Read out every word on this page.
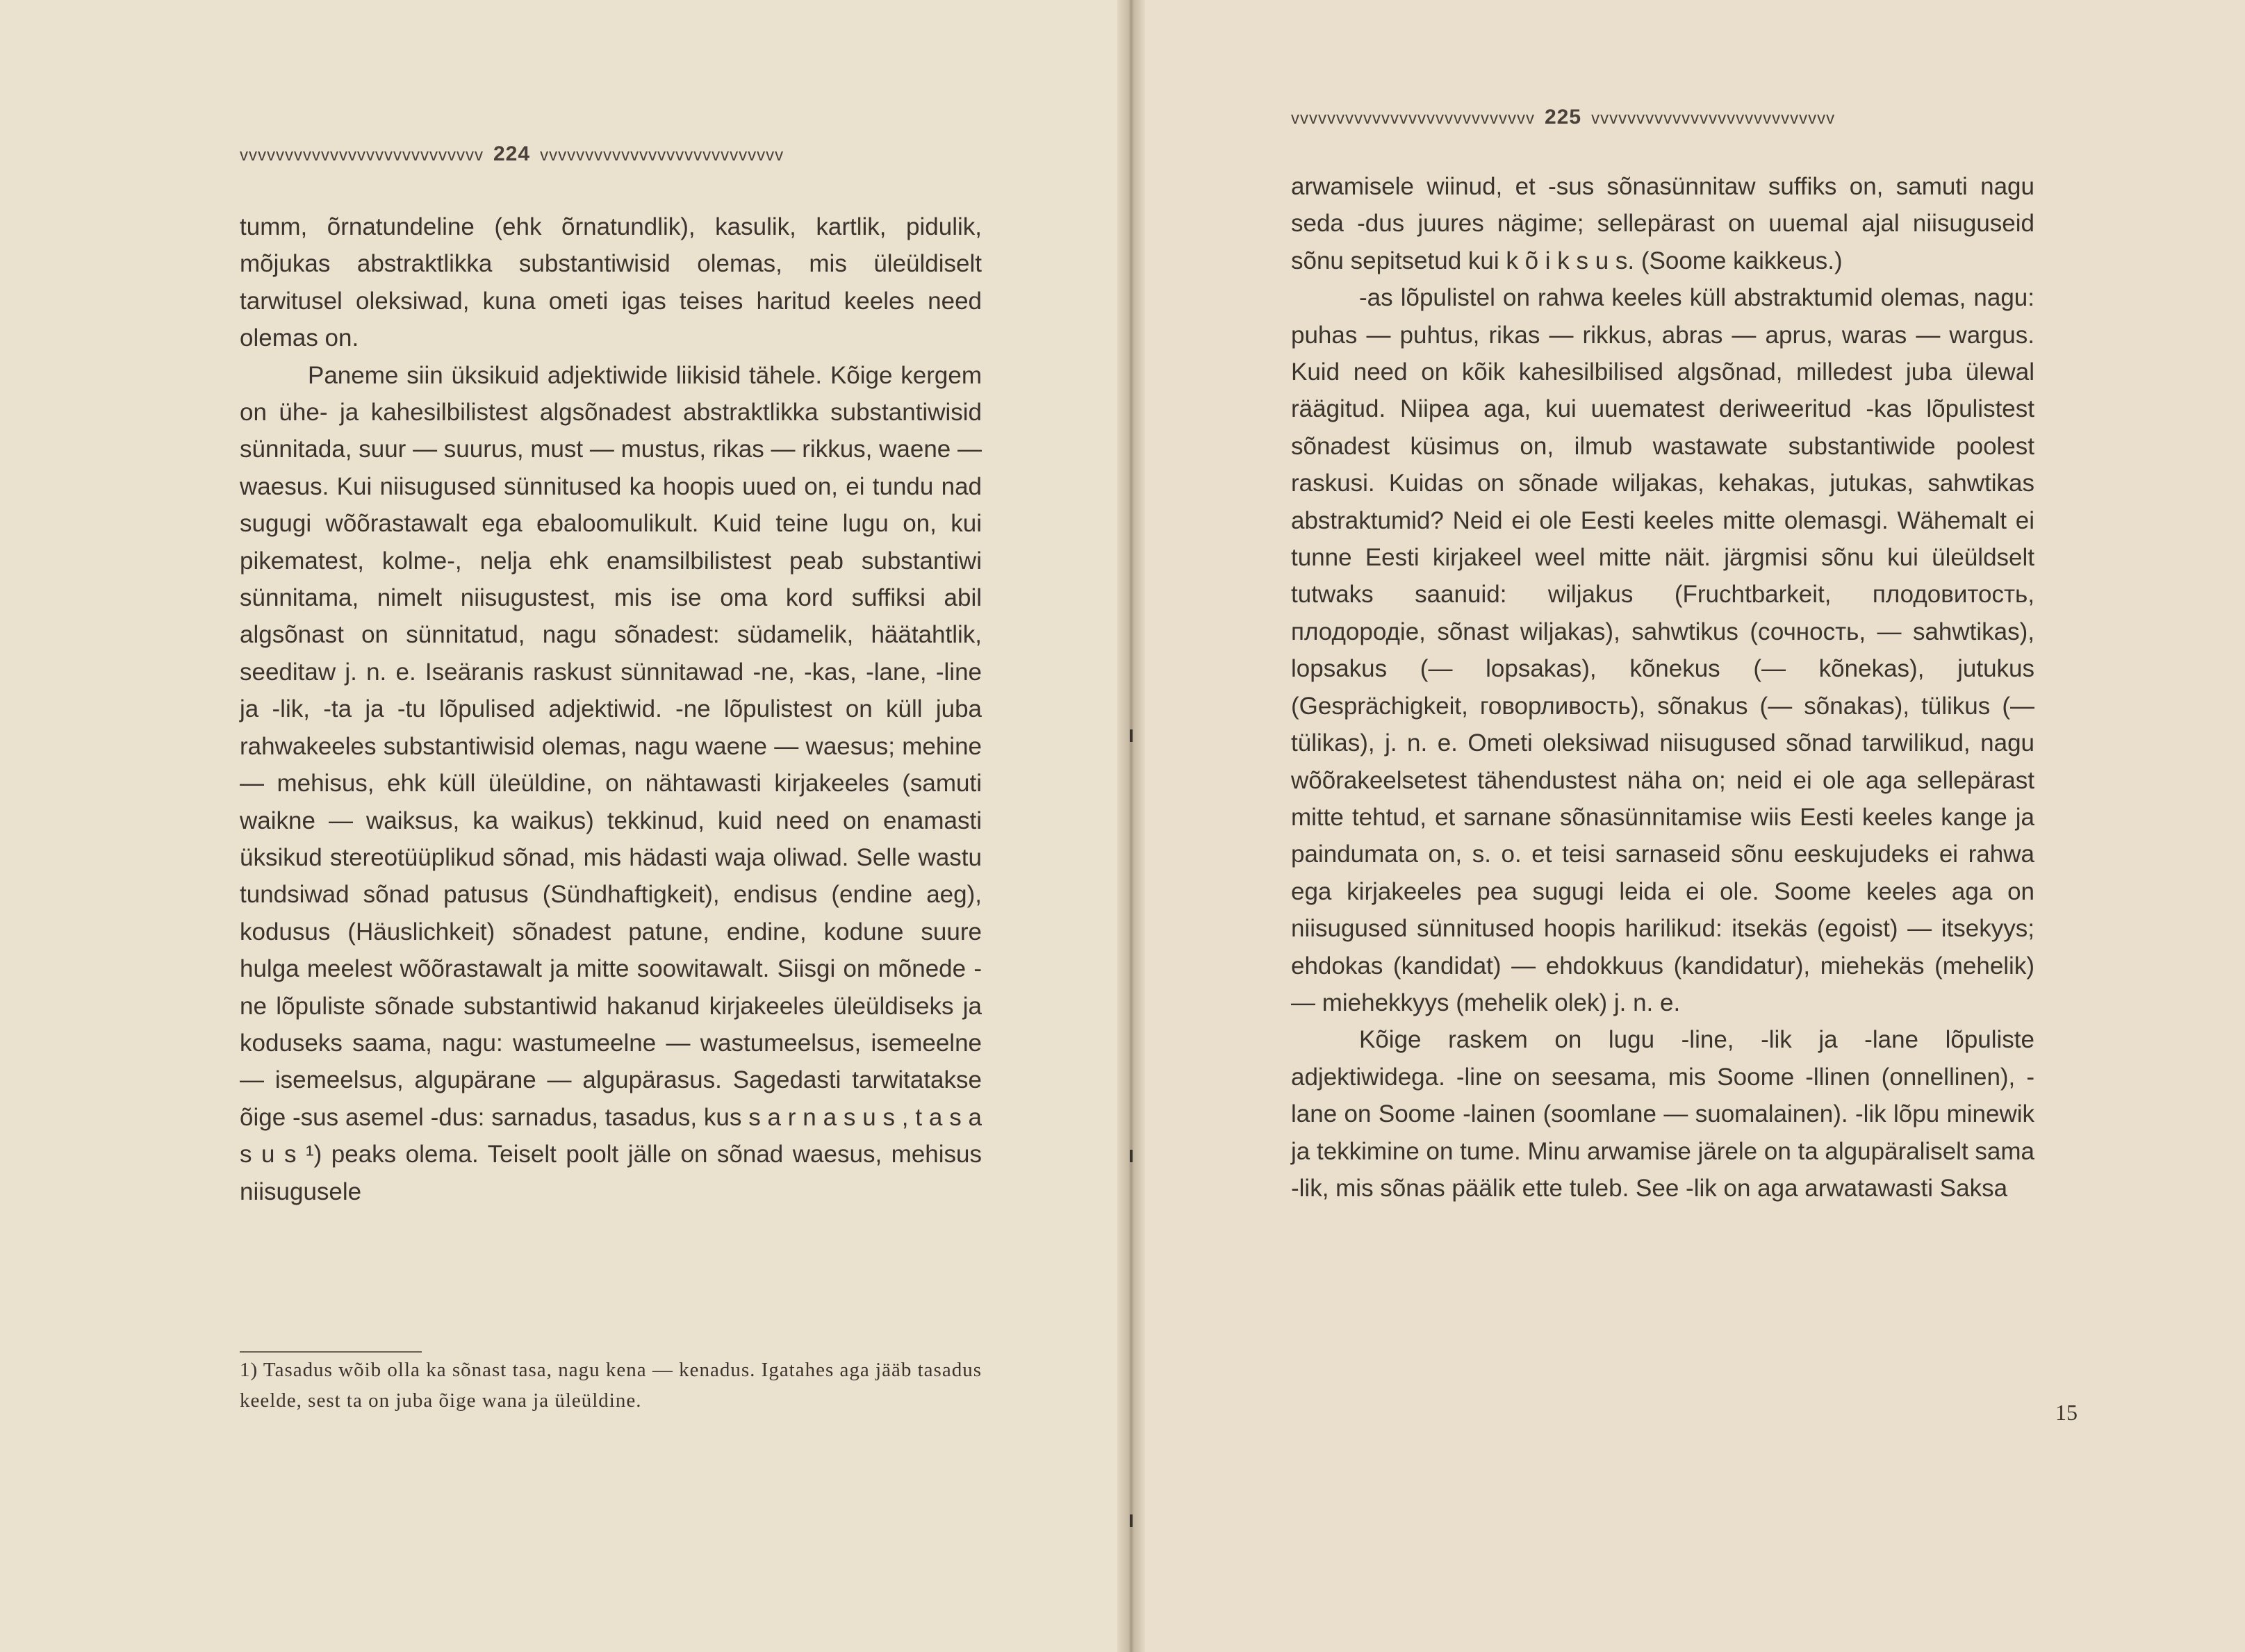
vvvvvvvvvvvvvvvvvvvvvvvvvvv 224 vvvvvvvvvvvvvvvvvvvvvvvvvvv

tumm, õrnatundeline (ehk õrnatundlik), kasulik, kartlik, pidulik, mõjukas abstraktlikka substantiwisid olemas, mis üleüldiselt tarwitusel oleksiwad, kuna ometi igas teises haritud keeles need olemas on.

Paneme siin üksikuid adjektiwide liikisid tähele. Kõige kergem on ühe- ja kahesilbilistest algsõnadest abstraktlikka substantiwisid sünnitada, suur — suurus, must — mustus, rikas — rikkus, waene — waesus. Kui niisugused sünnitused ka hoopis uued on, ei tundu nad sugugi wõõrastawalt ega ebaloomulikult. Kuid teine lugu on, kui pikematest, kolme-, nelja ehk enamsilbilistest peab substantiwi sünnitama, nimelt niisugustest, mis ise oma kord suffiksi abil algsõnast on sünnitatud, nagu sõnadest: südamelik, häätahtlik, seeditaw j. n. e. Iseäranis raskust sünnitawad -ne, -kas, -lane, -line ja -lik, -ta ja -tu lõpulised adjektiwid. -ne lõpulistest on küll juba rahwakeeles substantiwisid olemas, nagu waene — waesus; mehine — mehisus, ehk küll üleüldine, on nähtawasti kirjakeeles (samuti waikne — waiksus, ka waikus) tekkinud, kuid need on enamasti üksikud stereotüüplikud sõnad, mis hädasti waja oliwad. Selle wastu tundsiwad sõnad patusus (Sündhaftigkeit), endisus (endine aeg), kodusus (Häuslichkeit) sõnadest patune, endine, kodune suure hulga meelest wõõrastawalt ja mitte soowitawalt. Siisgi on mõnede -ne lõpuliste sõnade substantiwid hakanud kirjakeeles üleüldiseks ja koduseks saama, nagu: wastumeelne — wastumeelsus, isemeelne — isemeelsus, algupärane — algupärasus. Sagedasti tarwitatakse õige -sus asemel -dus: sarnadus, tasadus, kus s a r n a s u s , t a s a s u s ¹) peaks olema. Teiselt poolt jälle on sõnad waesus, mehisus niisugusele

1) Tasadus wõib olla ka sõnast tasa, nagu kena — kenadus. Igatahes aga jääb tasadus keelde, sest ta on juba õige wana ja üleüldine.
vvvvvvvvvvvvvvvvvvvvvvvvvvv 225 vvvvvvvvvvvvvvvvvvvvvvvvvvv

arwamisele wiinud, et -sus sõnasünnitaw suffiks on, samuti nagu seda -dus juures nägime; sellepärast on uuemal ajal niisuguseid sõnu sepitsetud kui k õ i k s u s. (Soome kaikkeus.)

-as lõpulistel on rahwa keeles küll abstraktumid olemas, nagu: puhas — puhtus, rikas — rikkus, abras — aprus, waras — wargus. Kuid need on kõik kahesilbilised algsõnad, milledest juba ülewal räägitud. Niipea aga, kui uuematest deriweeritud -kas lõpulistest sõnadest küsimus on, ilmub wastawate substantiwide poolest raskusi. Kuidas on sõnade wiljakas, kehakas, jutukas, sahwtikas abstraktumid? Neid ei ole Eesti keeles mitte olemasgi. Wähemalt ei tunne Eesti kirjakeel weel mitte näit. järgmisi sõnu kui üleüldselt tutwaks saanuid: wiljakus (Fruchtbarkeit, плодовитость, плодородiе, sõnast wiljakas), sahwtikus (сочность, — sahwtikas), lopsakus (— lopsakas), kõnekus (— kõnekas), jutukus (Gesprächigkeit, говорливость), sõnakus (— sõnakas), tülikus (— tülikas), j. n. e. Ometi oleksiwad niisugused sõnad tarwilikud, nagu wõõrakeelsetest tähendustest näha on; neid ei ole aga sellepärast mitte tehtud, et sarnane sõnasünnitamise wiis Eesti keeles kange ja paindumata on, s. o. et teisi sarnaseid sõnu eeskujudeks ei rahwa ega kirjakeeles pea sugugi leida ei ole. Soome keeles aga on niisugused sünnitused hoopis harilikud: itsekäs (egoist) — itsekyys; ehdokas (kandidat) — ehdokkuus (kandidatur), miehekäs (mehelik) — miehekkyys (mehelik olek) j. n. e.

Kõige raskem on lugu -line, -lik ja -lane lõpuliste adjektiwidega. -line on seesama, mis Soome -llinen (onnellinen), -lane on Soome -lainen (soomlane — suomalainen). -lik lõpu minewik ja tekkimine on tume. Minu arwamise järele on ta algupäraliselt sama -lik, mis sõnas päälik ette tuleb. See -lik on aga arwatawasti Saksa

15
